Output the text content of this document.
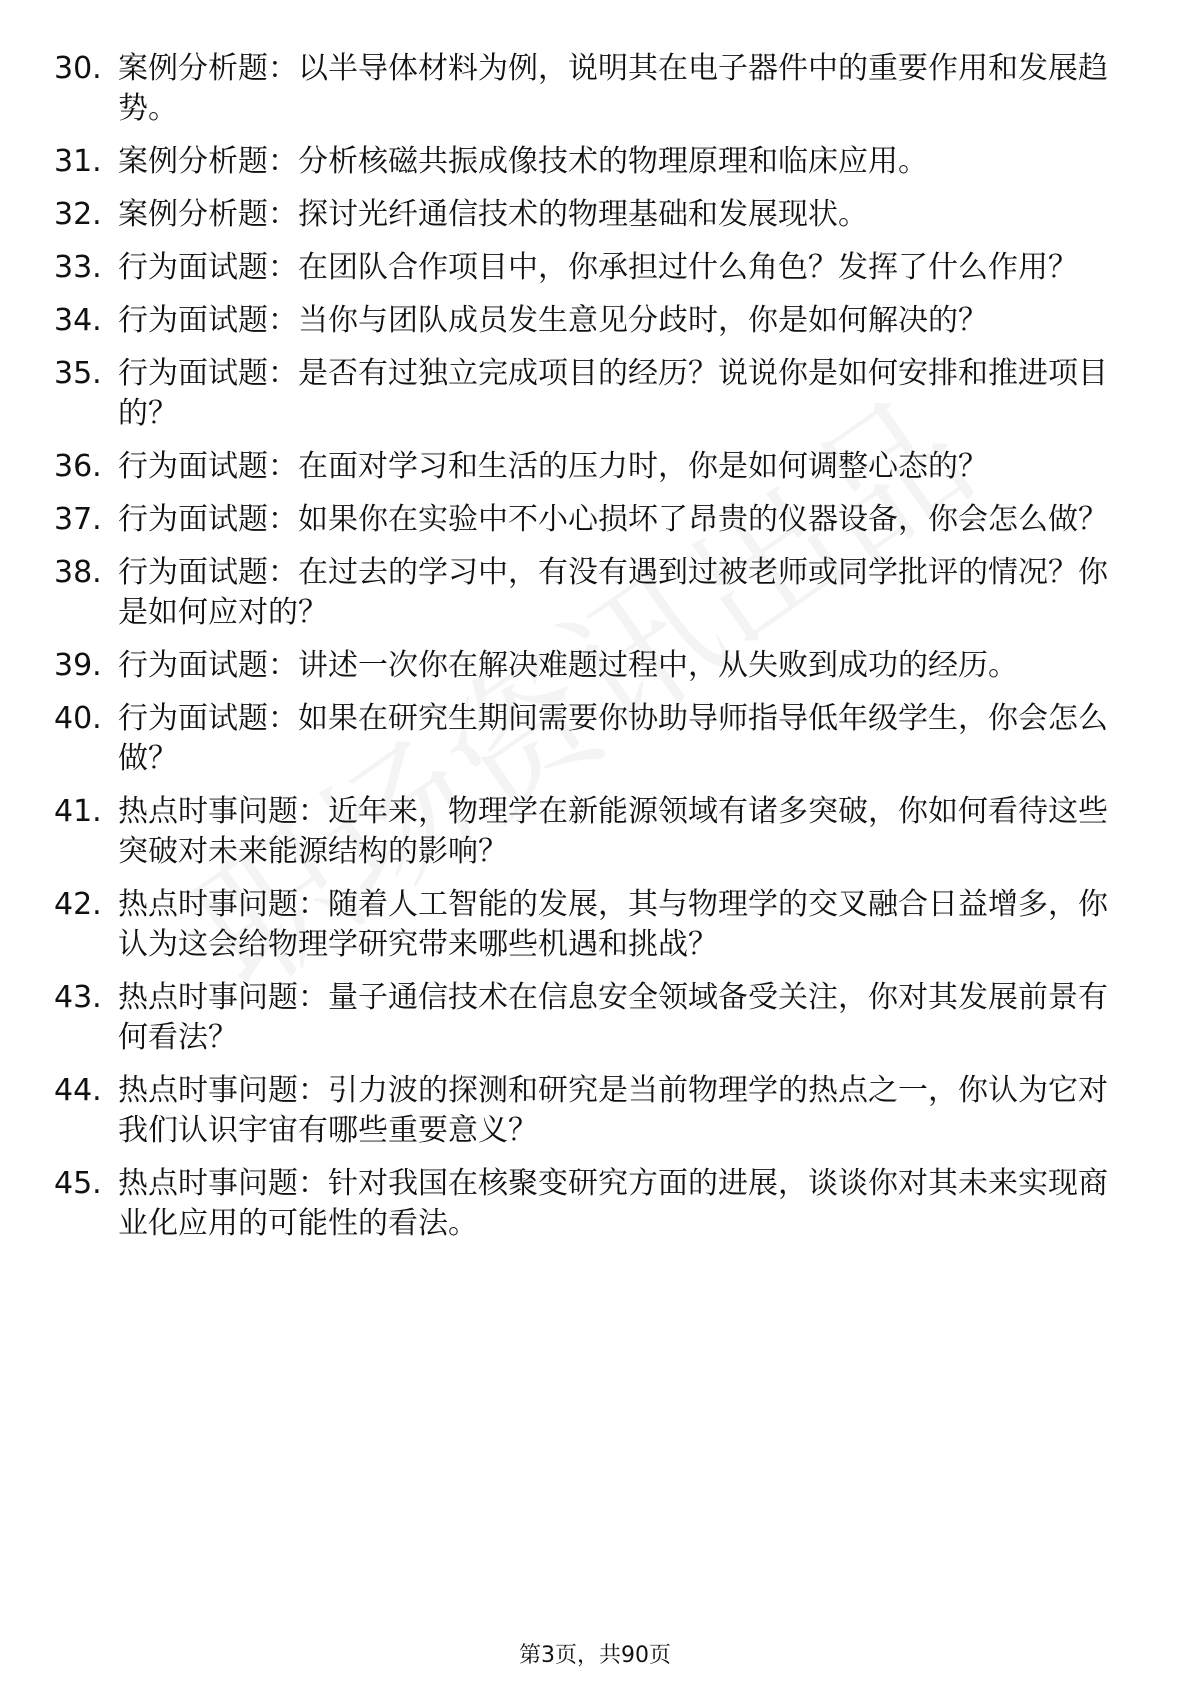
30. 案例分析题：以半导体材料为例，说明其在电子器件中的重要作用和发展趋势。
31. 案例分析题：分析核磁共振成像技术的物理原理和临床应用。
32. 案例分析题：探讨光纤通信技术的物理基础和发展现状。
33. 行为面试题：在团队合作项目中，你承担过什么角色？发挥了什么作用？
34. 行为面试题：当你与团队成员发生意见分歧时，你是如何解决的？
35. 行为面试题：是否有过独立完成项目的经历？说说你是如何安排和推进项目的？
36. 行为面试题：在面对学习和生活的压力时，你是如何调整心态的？
37. 行为面试题：如果你在实验中不小心损坏了昂贵的仪器设备，你会怎么做？
38. 行为面试题：在过去的学习中，有没有遇到过被老师或同学批评的情况？你是如何应对的？
39. 行为面试题：讲述一次你在解决难题过程中，从失败到成功的经历。
40. 行为面试题：如果在研究生期间需要你协助导师指导低年级学生，你会怎么做？
41. 热点时事问题：近年来，物理学在新能源领域有诸多突破，你如何看待这些突破对未来能源结构的影响？
42. 热点时事问题：随着人工智能的发展，其与物理学的交叉融合日益增多，你认为这会给物理学研究带来哪些机遇和挑战？
43. 热点时事问题：量子通信技术在信息安全领域备受关注，你对其发展前景有何看法？
44. 热点时事问题：引力波的探测和研究是当前物理学的热点之一，你认为它对我们认识宇宙有哪些重要意义？
45. 热点时事问题：针对我国在核聚变研究方面的进展，谈谈你对其未来实现商业化应用的可能性的看法。
第3页，共90页
